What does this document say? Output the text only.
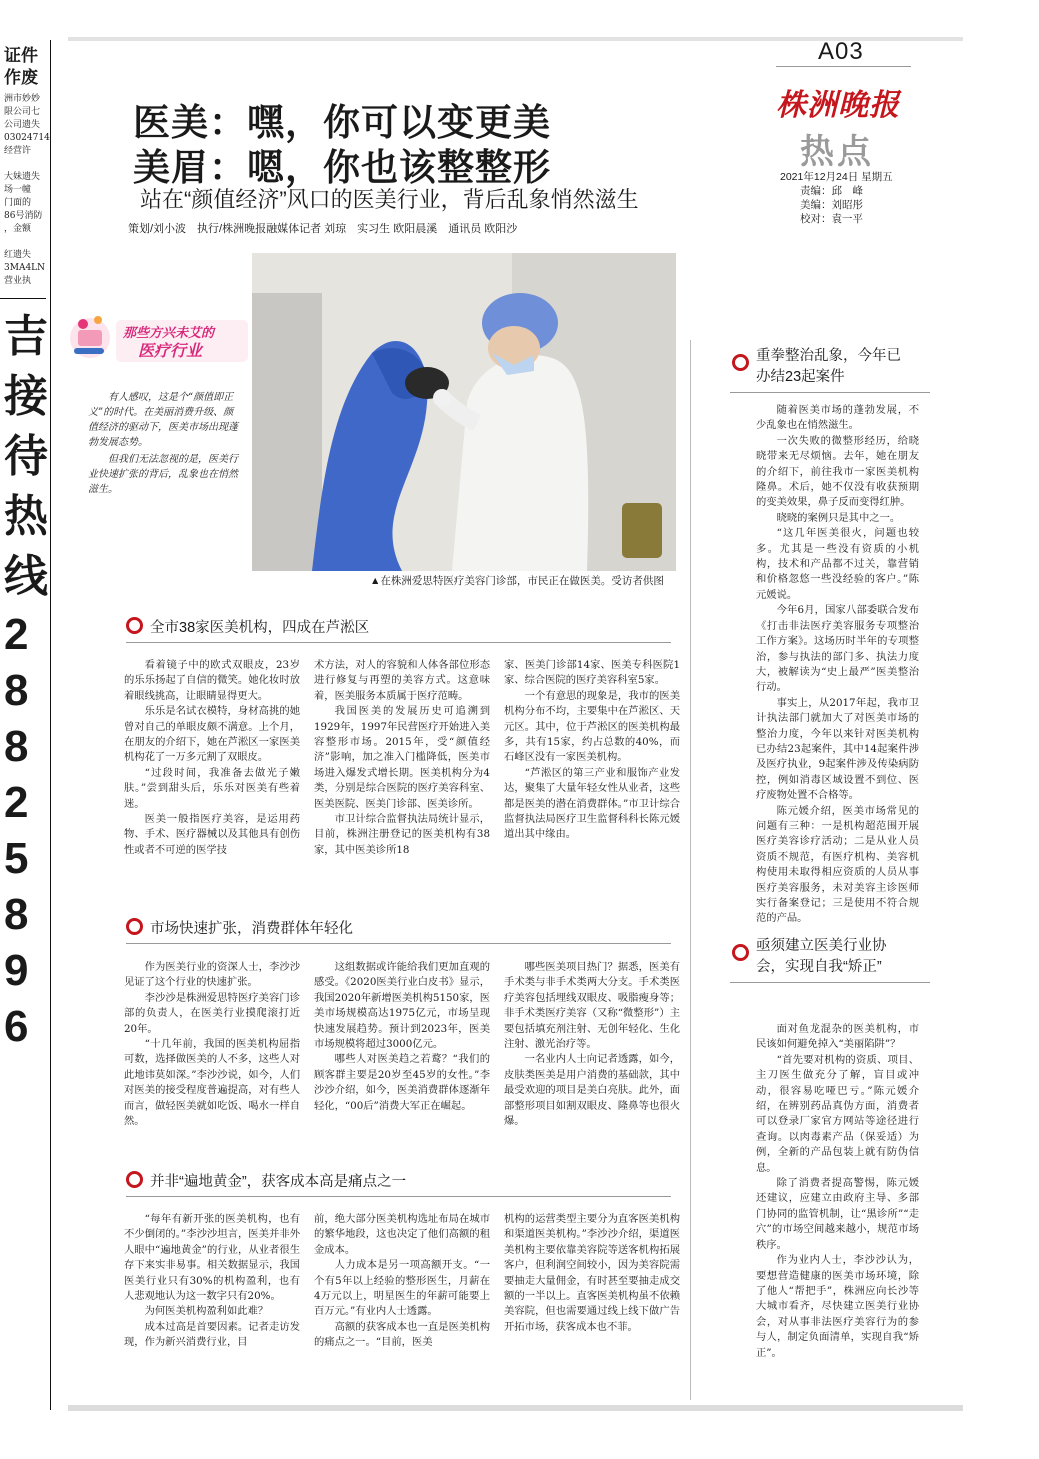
证件作废
洲市妙妙
限公司七
公司遗失
03024714
经营许

大妹遗失
场一幢
门面的
86号消防
，金额

红遗失
3MA4LN
营业执
吉
接
待
热
线
2
8
8
2
5
8
9
6
A03
株洲晚报
热点
2021年12月24日 星期五
责编：邱　峰
美编：刘昭彤
校对：袁一平
医美：嘿，你可以变更美
美眉：嗯，你也该整整形
站在“颜值经济”风口的医美行业，背后乱象悄然滋生
策划/刘小波　执行/株洲晚报融媒体记者 刘琼　实习生 欧阳晨溪　通讯员 欧阳沙
那些方兴未艾的
医疗行业

有人感叹，这是个“颜值即正义”的时代。在美丽消费升级、颜值经济的驱动下，医美市场出现蓬勃发展态势。

但我们无法忽视的是，医美行业快速扩张的背后，乱象也在悄然滋生。

▲在株洲爱思特医疗美容门诊部，市民正在做医美。受访者供图
全市38家医美机构，四成在芦淞区

看着镜子中的欧式双眼皮，23岁的乐乐扬起了自信的微笑。她化妆时放着眼线挑高，让眼睛显得更大。

乐乐是名试衣模特，身材高挑的她曾对自己的单眼皮颇不满意。上个月，在朋友的介绍下，她在芦淞区一家医美机构花了一万多元割了双眼皮。

“过段时间，我准备去做光子嫩肤。”尝到甜头后，乐乐对医美有些着迷。

医美一般指医疗美容，是运用药物、手术、医疗器械以及其他具有创伤性或者不可逆的医学技

术方法，对人的容貌和人体各部位形态进行修复与再塑的美容方式。这意味着，医美服务本质属于医疗范畴。

我国医美的发展历史可追溯到1929年，1997年民营医疗开始进入美容整形市场。2015年，受“颜值经济”影响，加之准入门槛降低，医美市场进入爆发式增长期。医美机构分为4类，分别是综合医院的医疗美容科室、医美医院、医美门诊部、医美诊所。

市卫计综合监督执法局统计显示，目前，株洲注册登记的医美机构有38家，其中医美诊所18

家、医美门诊部14家、医美专科医院1家、综合医院的医疗美容科室5家。

一个有意思的现象是，我市的医美机构分布不均，主要集中在芦淞区、天元区。其中，位于芦淞区的医美机构最多，共有15家，约占总数的40%，而石峰区没有一家医美机构。

“芦淞区的第三产业和服饰产业发达，聚集了大量年轻女性从业者，这些都是医美的潜在消费群体。”市卫计综合监督执法局医疗卫生监督科科长陈元媛道出其中缘由。

市场快速扩张，消费群体年轻化

作为医美行业的资深人士，李沙沙见证了这个行业的快速扩张。

李沙沙是株洲爱思特医疗美容门诊部的负责人，在医美行业摸爬滚打近20年。

“十几年前，我国的医美机构屈指可数，选择做医美的人不多，这些人对此地讳莫如深。”李沙沙说，如今，人们对医美的接受程度普遍提高，对有些人而言，做轻医美就如吃饭、喝水一样自然。

这组数据或许能给我们更加直观的感受。《2020医美行业白皮书》显示，我国2020年新增医美机构5150家，医美市场规模高达1975亿元，市场呈现快速发展趋势。预计到2023年，医美市场规模将超过3000亿元。

哪些人对医美趋之若鹜？“我们的顾客群主要是20岁至45岁的女性。”李沙沙介绍，如今，医美消费群体逐渐年轻化，“00后”消费大军正在崛起。

哪些医美项目热门？据悉，医美有手术类与非手术类两大分支。手术类医疗美容包括埋线双眼皮、吸脂瘦身等；非手术类医疗美容（又称“微整形”）主要包括填充剂注射、无创年轻化、生化注射、激光治疗等。

一名业内人士向记者透露，如今，皮肤类医美是用户消费的基础款，其中最受欢迎的项目是美白亮肤。此外，面部整形项目如割双眼皮、隆鼻等也很火爆。

并非“遍地黄金”，获客成本高是痛点之一

“每年有新开张的医美机构，也有不少倒闭的。”李沙沙坦言，医美并非外人眼中“遍地黄金”的行业，从业者很生存下来实非易事。相关数据显示，我国医美行业只有30%的机构盈利，也有人悲观地认为这一数字只有20%。

为何医美机构盈利如此难？

成本过高是首要因素。记者走访发现，作为新兴消费行业，目

前，绝大部分医美机构选址布局在城市的繁华地段，这也决定了他们高额的租金成本。

人力成本是另一项高额开支。“一个有5年以上经验的整形医生，月薪在4万元以上，明星医生的年薪可能要上百万元。”有业内人士透露。

高额的获客成本也一直是医美机构的痛点之一。“目前，医美

机构的运营类型主要分为直客医美机构和渠道医美机构。”李沙沙介绍，渠道医美机构主要依靠美容院等送客机构拓展客户，但利润空间较小，因为美容院需要抽走大量佣金，有时甚至要抽走成交额的一半以上。直客医美机构虽不依赖美容院，但也需要通过线上线下做广告开拓市场，获客成本也不菲。

重拳整治乱象，今年已
办结23起案件

随着医美市场的蓬勃发展，不少乱象也在悄然滋生。

一次失败的微整形经历，给晓晓带来无尽烦恼。去年，她在朋友的介绍下，前往我市一家医美机构隆鼻。术后，她不仅没有收获预期的变美效果，鼻子反而变得红肿。

晓晓的案例只是其中之一。

“这几年医美很火，问题也较多。尤其是一些没有资质的小机构，技术和产品都不过关，靠营销和价格忽悠一些没经验的客户。”陈元媛说。

今年6月，国家八部委联合发布《打击非法医疗美容服务专项整治工作方案》。这场历时半年的专项整治，参与执法的部门多、执法力度大，被解读为“史上最严”医美整治行动。

事实上，从2017年起，我市卫计执法部门就加大了对医美市场的整治力度，今年以来针对医美机构已办结23起案件，其中14起案件涉及医疗执业，9起案件涉及传染病防控，例如消毒区域设置不到位、医疗废物处置不合格等。

陈元媛介绍，医美市场常见的问题有三种：一是机构超范围开展医疗美容诊疗活动；二是从业人员资质不规范，有医疗机构、美容机构使用未取得相应资质的人员从事医疗美容服务，未对美容主诊医师实行备案登记；三是使用不符合规范的产品。

亟须建立医美行业协
会，实现自我“矫正”

面对鱼龙混杂的医美机构，市民该如何避免掉入“美丽陷阱”？

“首先要对机构的资质、项目、主刀医生做充分了解，盲目或冲动，很容易吃哑巴亏。”陈元媛介绍，在辨别药品真伪方面，消费者可以登录厂家官方网站等途径进行查询。以肉毒素产品（保妥适）为例，全新的产品包装上就有防伪信息。

除了消费者提高警惕，陈元媛还建议，应建立由政府主导、多部门协同的监管机制，让“黑诊所”“走穴”的市场空间越来越小，规范市场秩序。

作为业内人士，李沙沙认为，要想营造健康的医美市场环境，除了他人“帮把手”，株洲应向长沙等大城市看齐，尽快建立医美行业协会，对从事非法医疗美容行为的参与人，制定负面清单，实现自我“矫正”。
